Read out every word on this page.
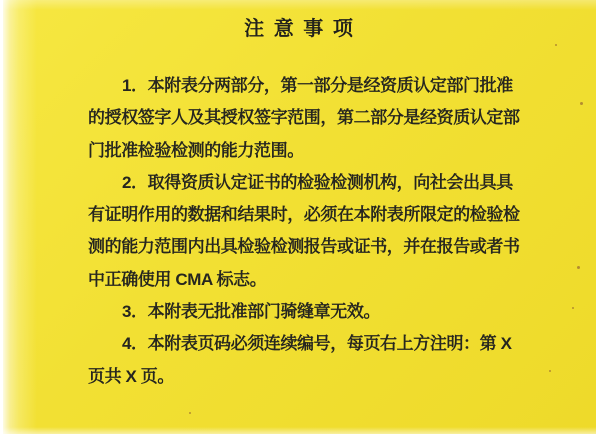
注 意 事 项

1．本附表分两部分，第一部分是经资质认定部门批准

的授权签字人及其授权签字范围，第二部分是经资质认定部

门批准检验检测的能力范围。

2．取得资质认定证书的检验检测机构，向社会出具具

有证明作用的数据和结果时，必须在本附表所限定的检验检

测的能力范围内出具检验检测报告或证书，并在报告或者书

中正确使用 CMA 标志。

3．本附表无批准部门骑缝章无效。

4．本附表页码必须连续编号，每页右上方注明：第 X

页共 X 页。
